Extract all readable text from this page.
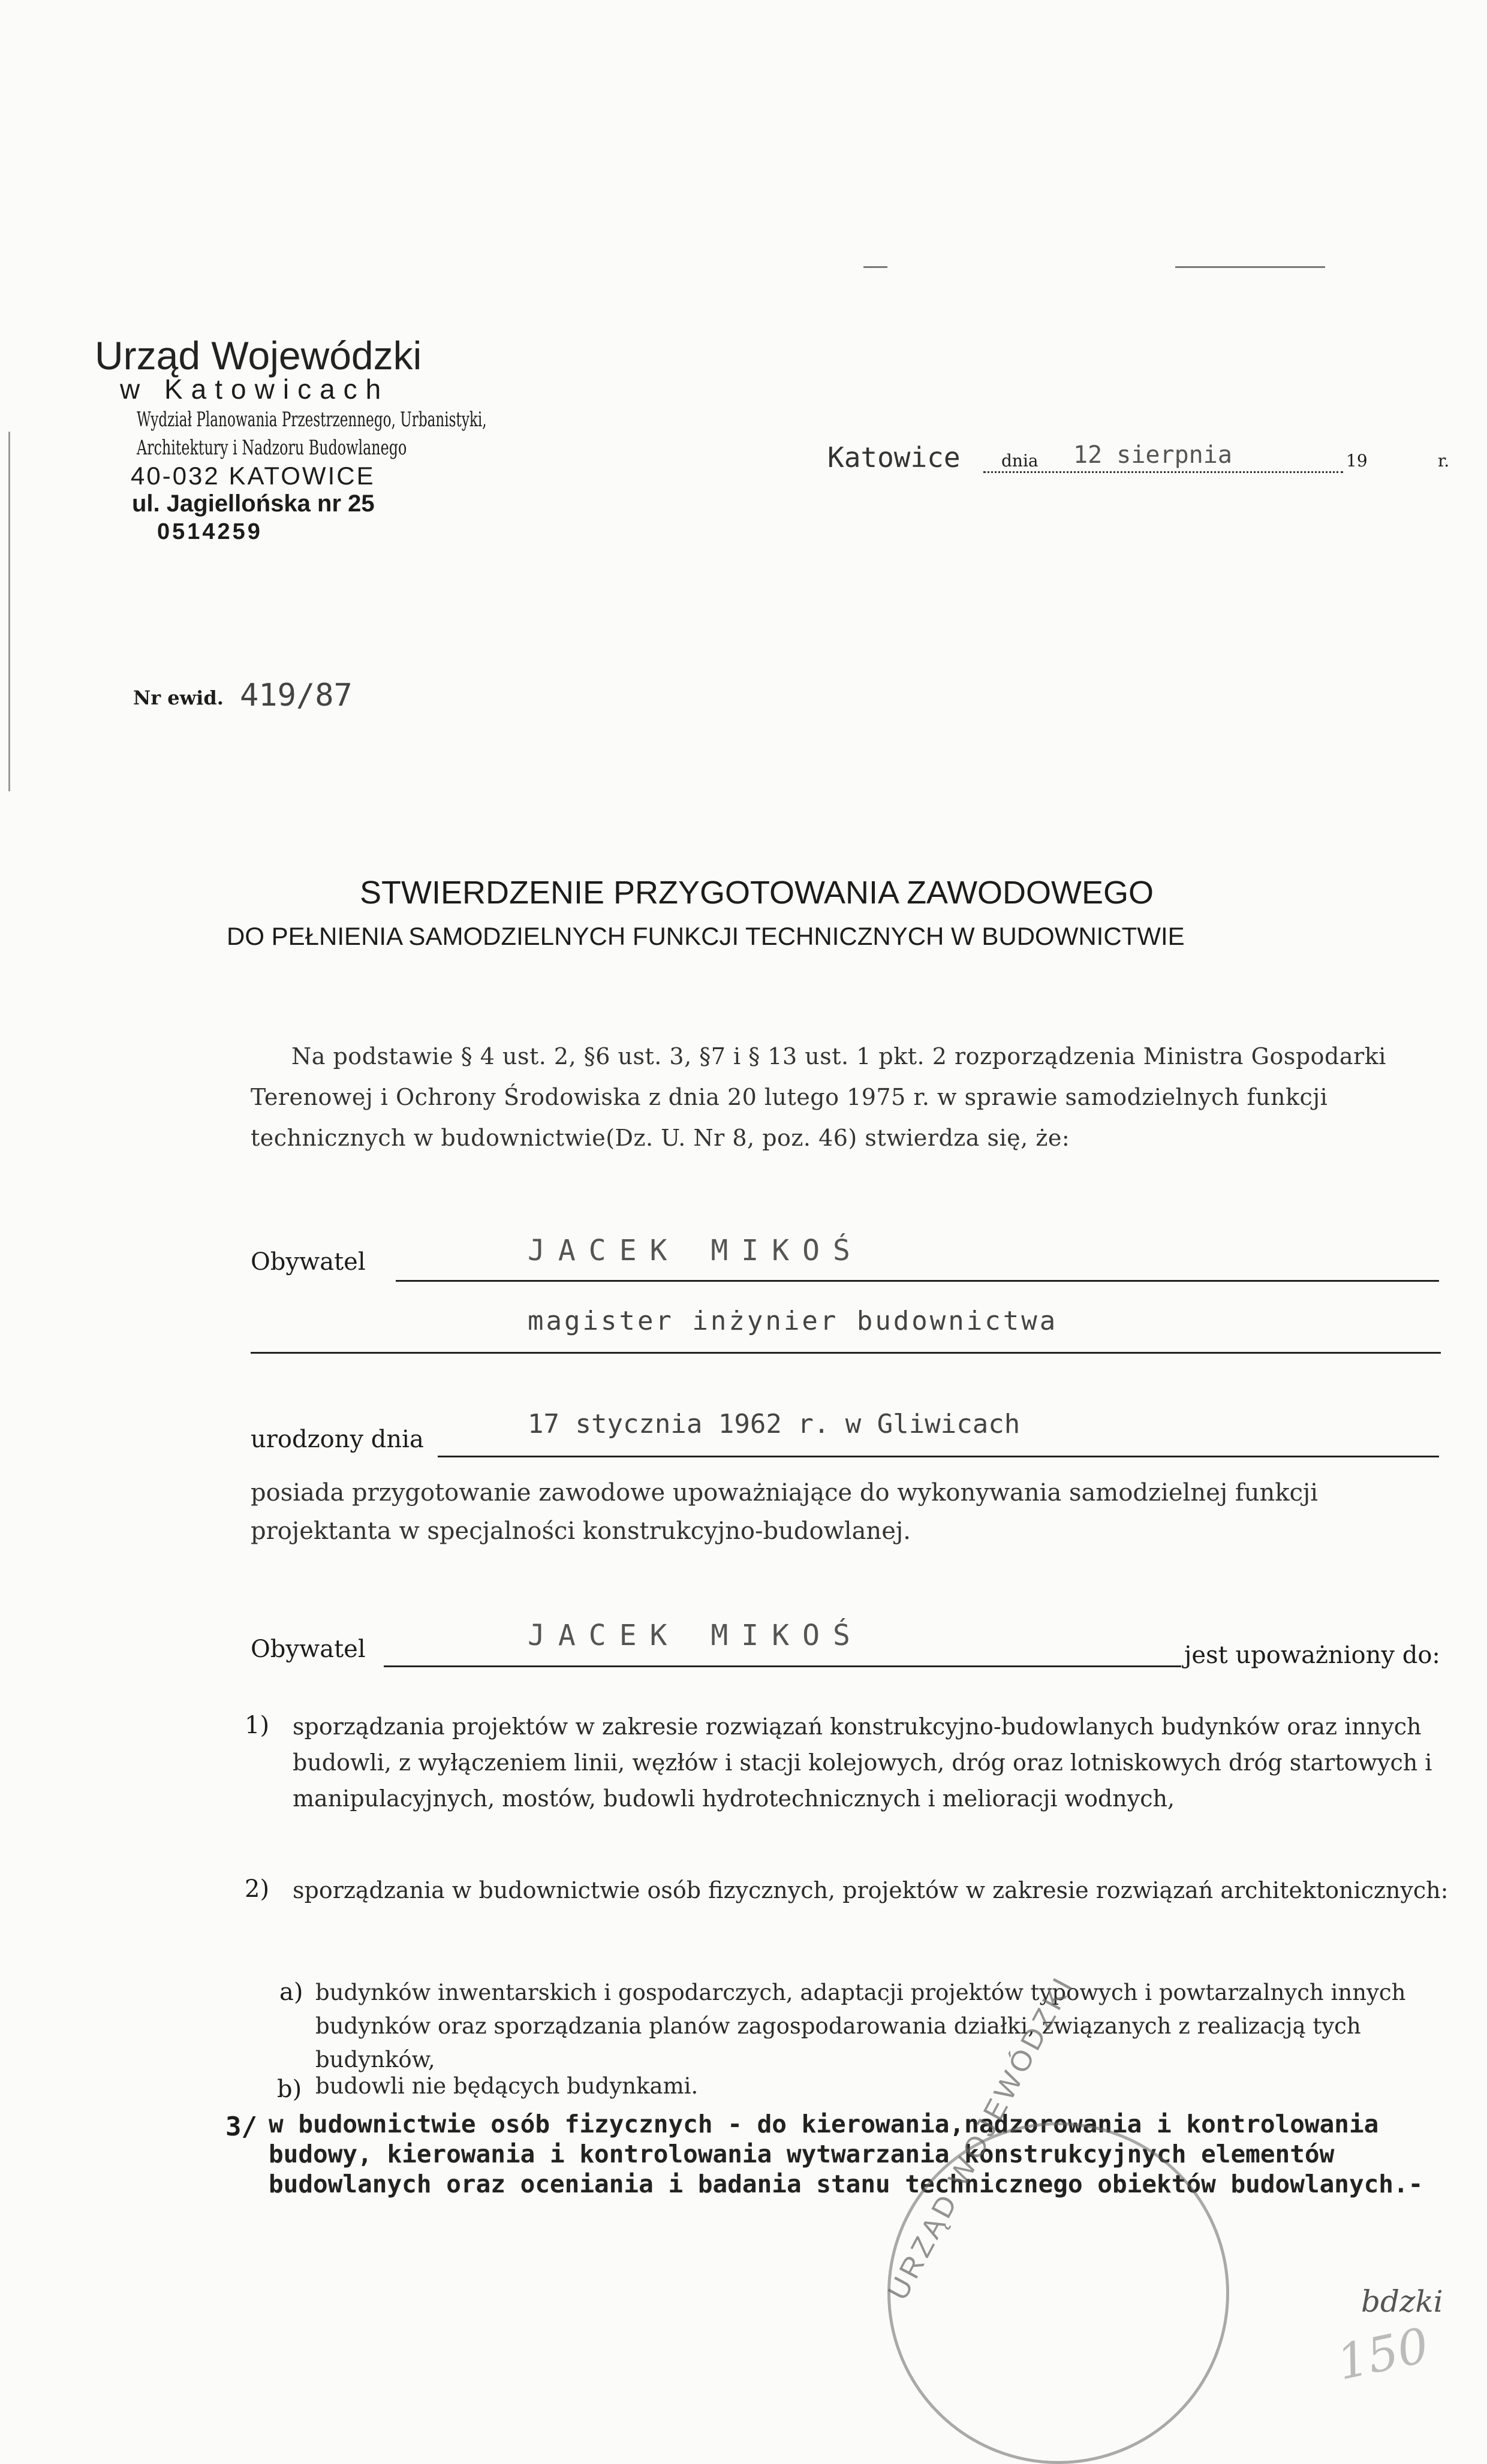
Urząd Wojewódzki
w Katowicach
Wydział Planowania Przestrzennego, Urbanistyki,
Architektury i Nadzoru Budowlanego
40-032 KATOWICE
ul. Jagiellońska nr 25
0514259
Katowice dnia 12 sierpnia	19	r.
Nr ewid. 419/87
STWIERDZENIE PRZYGOTOWANIA ZAWODOWEGO
DO PEŁNIENIA SAMODZIELNYCH FUNKCJI TECHNICZNYCH W BUDOWNICTWIE
Na podstawie § 4 ust. 2, §6 ust. 3, §7 i § 13 ust. 1 pkt. 2 rozporządzenia Ministra Gospodarki Terenowej i Ochrony Środowiska z dnia 20 lutego 1975 r. w sprawie samodzielnych funkcji technicznych w budownictwie(Dz. U. Nr 8, poz. 46) stwierdza się, że:
Obywatel	JACEK MIKOŚ
magister inżynier budownictwa
urodzony dnia	17 stycznia 1962 r. w Gliwicach
posiada przygotowanie zawodowe upoważniające do wykonywania samodzielnej funkcji projektanta w specjalności konstrukcyjno-budowlanej.
Obywatel	JACEK MIKOŚ
jest upoważniony do:
1) sporządzania projektów w zakresie rozwiązań konstrukcyjno-budowlanych budynków oraz innych budowli, z wyłączeniem linii, węzłów i stacji kolejowych, dróg oraz lotniskowych dróg startowych i manipulacyjnych, mostów, budowli hydrotechnicznych i melioracji wodnych,
2) sporządzania w budownictwie osób fizycznych, projektów w zakresie rozwiązań architektonicznych:
a) budynków inwentarskich i gospodarczych, adaptacji projektów typowych i powtarzalnych innych budynków oraz sporządzania planów zagospodarowania działki, związanych z realizacją tych budynków,
b) budowli nie będących budynkami.
3/ w budownictwie osób fizycznych - do kierowania,nadzorowania i kontrolowania budowy, kierowania i kontrolowania wytwarzania konstrukcyjnych elementów budowlanych oraz oceniania i badania stanu technicznego obiektów budowlanych.-
URZĄD WOJEWÓDZKI	bdzki
150
